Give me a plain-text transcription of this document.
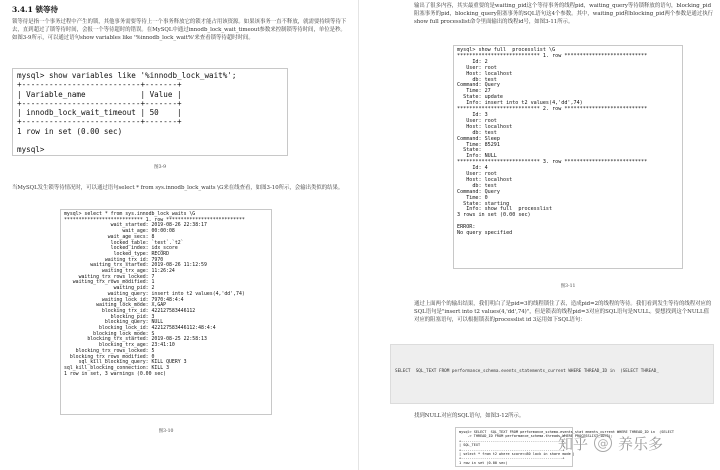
3.4.1 锁等待
锁等待是指一个事务过程中产生的锁，其他事务需要等待上一个事务释放它的锁才能占用该资源。如果该事务一直不释放，就需要持续等待下去，直到超过了锁等待时间，会报一个等待超时的错误。在MySQL中通过innodb_lock_wait_timeout参数来控制锁等待时间，单位是秒。如图3-9所示，可以通过语句show variables like '%innodb_lock_wait%'来查看锁等待超时时间。
mysql> show variables like '%innodb_lock_wait%';
+--------------------------+-------+
| Variable_name            | Value |
+--------------------------+-------+
| innodb_lock_wait_timeout | 50    |
+--------------------------+-------+
1 row in set (0.00 sec)

mysql>
图3-9
当MySQL发生锁等待情况时，可以通过语句select * from sys.innodb_lock_waits \G来在线查看，如图3-10所示，会输出类似的结果。
mysql> select * from sys.innodb_lock_waits \G
*************************** 1. row ***************************
wait_started: 2019-08-26 22:38:17
wait_age: 00:00:08
wait_age_secs: 8
locked_table: `test`.`t2`
locked_index: idx_score
locked_type: RECORD
waiting_trx_id: 7970
waiting_trx_started: 2019-08-26 11:12:59
waiting_trx_age: 11:26:24
waiting_trx_rows_locked: 7
waiting_trx_rows_modified: 1
waiting_pid: 2
waiting_query: insert into t2 values(4,'dd',74)
waiting_lock_id: 7970:48:4:4
waiting_lock_mode: X,GAP
blocking_trx_id: 422127583446112
blocking_pid: 3
blocking_query: NULL
blocking_lock_id: 422127583446112:48:4:4
blocking_lock_mode: S
blocking_trx_started: 2019-08-25 22:58:13
blocking_trx_age: 23:41:10
blocking_trx_rows_locked: 5
blocking_trx_rows_modified: 0
sql_kill_blocking_query: KILL QUERY 3
sql_kill_blocking_connection: KILL 3
1 row in set, 3 warnings (0.00 sec)
图3-10
输出了很多内容，其实最重要的是waiting_pid这个等待事务的线程pid，waiting_query等待锁释放的语句，blocking_pid阻塞事务的pid，blocking_query阻塞事务的SQL语句这4个参数。其中，waiting_pid和blocking_pid两个参数是通过执行show full processlist命令里面输出的线程id号，如图3-11所示。
mysql> show full  processlist \G
*************************** 1. row ***************************
Id: 2
User: root
Host: localhost
db: test
Command: Query
Time: 27
State: update
Info: insert into t2 values(4,'dd',74)
*************************** 2. row ***************************
Id: 3
User: root
Host: localhost
db: test
Command: Sleep
Time: 85291
State:
Info: NULL
*************************** 3. row ***************************
Id: 4
User: root
Host: localhost
db: test
Command: Query
Time: 0
State: starting
Info: show full  processlist
3 rows in set (0.00 sec)

ERROR:
No query specified
图3-11
通过上面两个的输出结果，我们明白了是pid=3的线程锁住了表，造成pid=2的线程的等待。我们看到发生等待的线程对应的SQL语句是"insert into t2 values(4,'dd',74)"，但是锁表的线程pid=3对应的SQL语句是NULL。要想找到这个NULL值对应的阻塞语句，可以根据锁表的processlist id 3运用如下SQL语句：
SELECT  SQL_TEXT FROM performance_schema.events_statements_current WHERE THREAD_ID in  (SELECT THREAD_
找到NULL对应的SQL语句，如图3-12所示。
mysql> SELECT  SQL_TEXT FROM performance_schema.events_stat ements_current WHERE THREAD_ID in  (SELECT
-> THREAD_ID FROM performance_schema.threads WHERE PROCESSLIST_ID=3);
+------------------------------------------------+
| SQL_TEXT                                       |
+------------------------------------------------+
| select * from t2 where score<=80 lock in share mode |
+------------------------------------------------+
1 row in set (0.00 sec)
知乎 @ 养乐多
